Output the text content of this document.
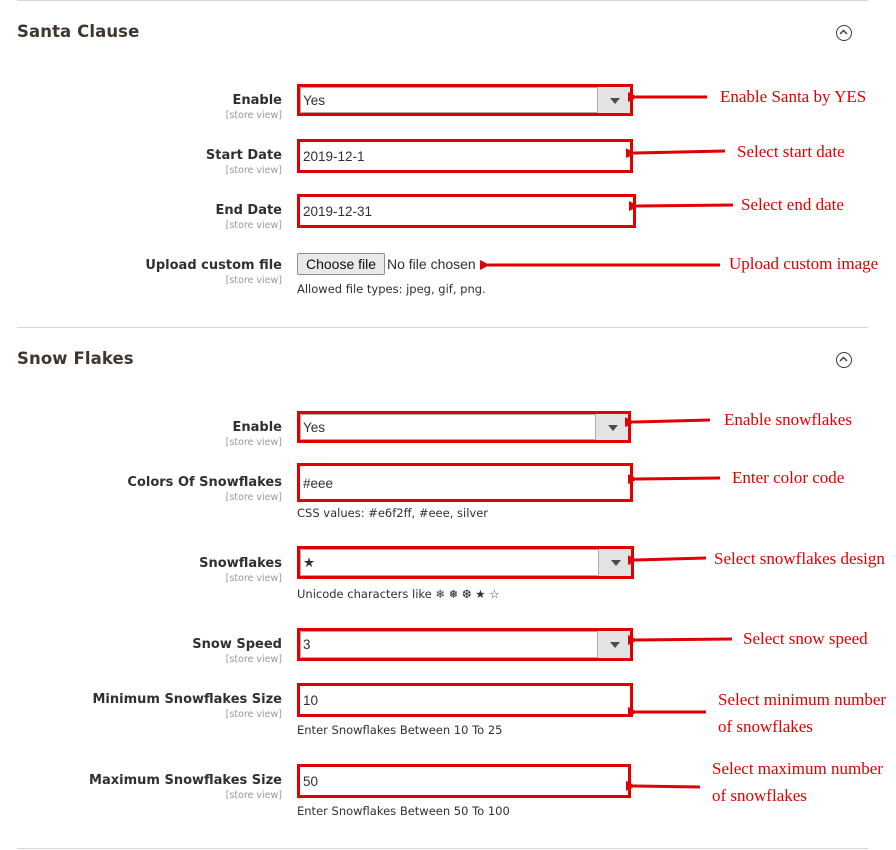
Santa Clause
Enable
[store view]
Yes
Start Date
[store view]
2019-12-1
End Date
[store view]
2019-12-31
Upload custom file
[store view]
Choose file No file chosen
Allowed file types: jpeg, gif, png.
Snow Flakes
Enable
[store view]
Yes
Colors Of Snowflakes
[store view]
#eee
CSS values: #e6f2ff, #eee, silver
Snowflakes
[store view]
★
Unicode characters like ❄ ❅ ❆ ★ ☆
Snow Speed
[store view]
3
Minimum Snowflakes Size
[store view]
10
Enter Snowflakes Between 10 To 25
Maximum Snowflakes Size
[store view]
50
Enter Snowflakes Between 50 To 100
Enable Santa by YES
Select start date
Select end date
Upload custom image
Enable snowflakes
Enter color code
Select snowflakes design
Select snow speed
Select minimum number
of snowflakes
Select maximum number
of snowflakes
